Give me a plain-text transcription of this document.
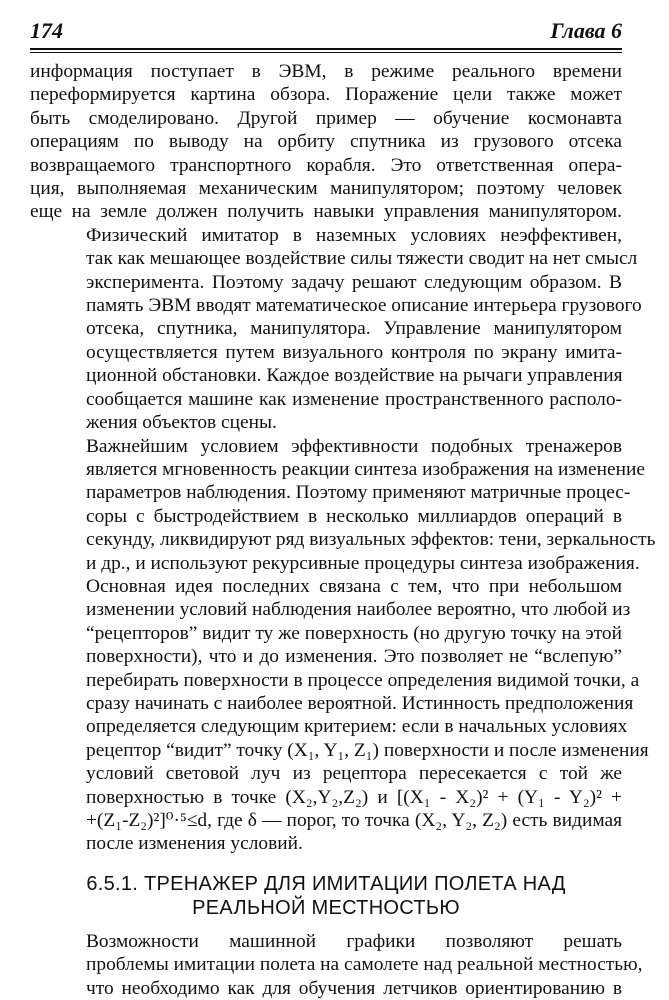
174	Глава 6

информация поступает в ЭВМ, в режиме реального времени
переформируется картина обзора. Поражение цели также может
быть смоделировано. Другой пример — обучение космонавта
операциям по выводу на орбиту спутника из грузового отсека
возвращаемого транспортного корабля. Это ответственная опера-
ция, выполняемая механическим манипулятором; поэтому человек
еще на земле должен получить навыки управления манипулятором.

Физический имитатор в наземных условиях неэффективен,
так как мешающее воздействие силы тяжести сводит на нет смысл
эксперимента. Поэтому задачу решают следующим образом. В
память ЭВМ вводят математическое описание интерьера грузового
отсека, спутника, манипулятора. Управление манипулятором
осуществляется путем визуального контроля по экрану имита-
ционной обстановки. Каждое воздействие на рычаги управления
сообщается машине как изменение пространственного располо-
жения объектов сцены.

Важнейшим условием эффективности подобных тренажеров
является мгновенность реакции синтеза изображения на изменение
параметров наблюдения. Поэтому применяют матричные процес-
соры с быстродействием в несколько миллиардов операций в
секунду, ликвидируют ряд визуальных эффектов: тени, зеркальность
и др., и используют рекурсивные процедуры синтеза изображения.

Основная идея последних связана с тем, что при небольшом
изменении условий наблюдения наиболее вероятно, что любой из
“рецепторов” видит ту же поверхность (но другую точку на этой
поверхности), что и до изменения. Это позволяет не “вслепую”
перебирать поверхности в процессе определения видимой точки, а
сразу начинать с наиболее вероятной. Истинность предположения
определяется следующим критерием: если в начальных условиях
рецептор “видит” точку (X₁, Y₁, Z₁) поверхности и после изменения
условий световой луч из рецептора пересекается с той же
поверхностью в точке (X₂,Y₂,Z₂) и [(X₁ - X₂)² + (Y₁ - Y₂)² +
+(Z₁-Z₂)²]⁰·⁵≤d, где δ — порог, то точка (X₂, Y₂, Z₂) есть видимая
после изменения условий.

6.5.1. ТРЕНАЖЕР ДЛЯ ИМИТАЦИИ ПОЛЕТА НАД
РЕАЛЬНОЙ МЕСТНОСТЬЮ

Возможности машинной графики позволяют решать
проблемы имитации полета на самолете над реальной местностью,
что необходимо как для обучения летчиков ориентированию в
